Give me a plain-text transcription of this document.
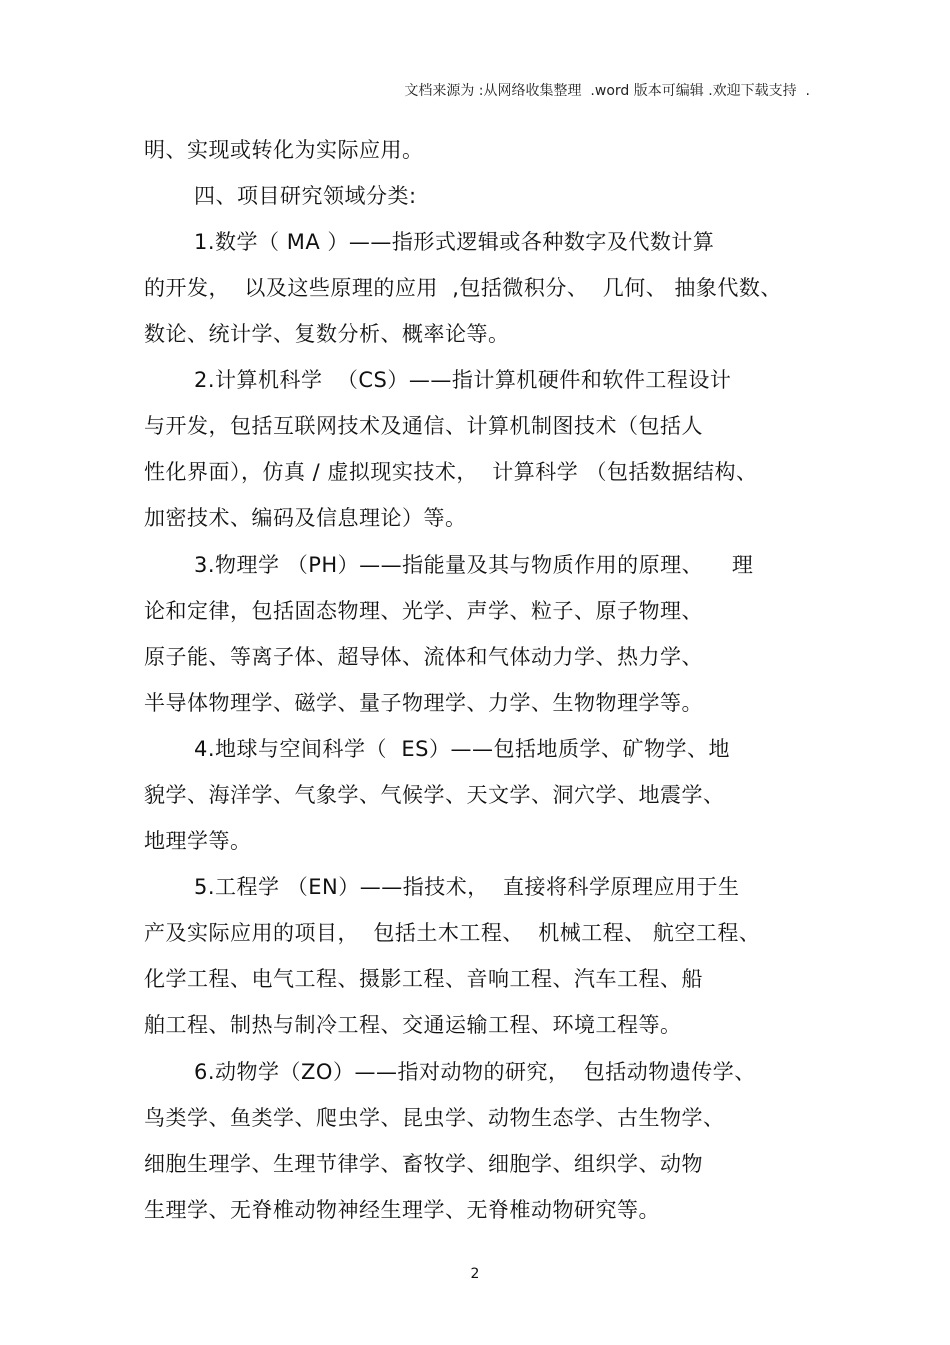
文档来源为 :从网络收集整理  .word 版本可编辑 .欢迎下载支持  .
明、实现或转化为实际应用。
四、项目研究领域分类:
1.数学（ MA ）——指形式逻辑或各种数字及代数计算
的开发，  以及这些原理的应用  ,包括微积分、  几何、 抽象代数、
数论、统计学、复数分析、概率论等。
2.计算机科学  （CS）——指计算机硬件和软件工程设计
与开发，包括互联网技术及通信、计算机制图技术（包括人
性化界面），仿真 / 虚拟现实技术，  计算科学 （包括数据结构、
加密技术、编码及信息理论）等。
3.物理学 （PH）——指能量及其与物质作用的原理、    理
论和定律，包括固态物理、光学、声学、粒子、原子物理、
原子能、等离子体、超导体、流体和气体动力学、热力学、
半导体物理学、磁学、量子物理学、力学、生物物理学等。
4.地球与空间科学（  ES）——包括地质学、矿物学、地
貌学、海洋学、气象学、气候学、天文学、洞穴学、地震学、
地理学等。
5.工程学 （EN）——指技术，  直接将科学原理应用于生
产及实际应用的项目，  包括土木工程、  机械工程、 航空工程、
化学工程、电气工程、摄影工程、音响工程、汽车工程、船
舶工程、制热与制冷工程、交通运输工程、环境工程等。
6.动物学（ZO）——指对动物的研究，  包括动物遗传学、
鸟类学、鱼类学、爬虫学、昆虫学、动物生态学、古生物学、
细胞生理学、生理节律学、畜牧学、细胞学、组织学、动物
生理学、无脊椎动物神经生理学、无脊椎动物研究等。
2
